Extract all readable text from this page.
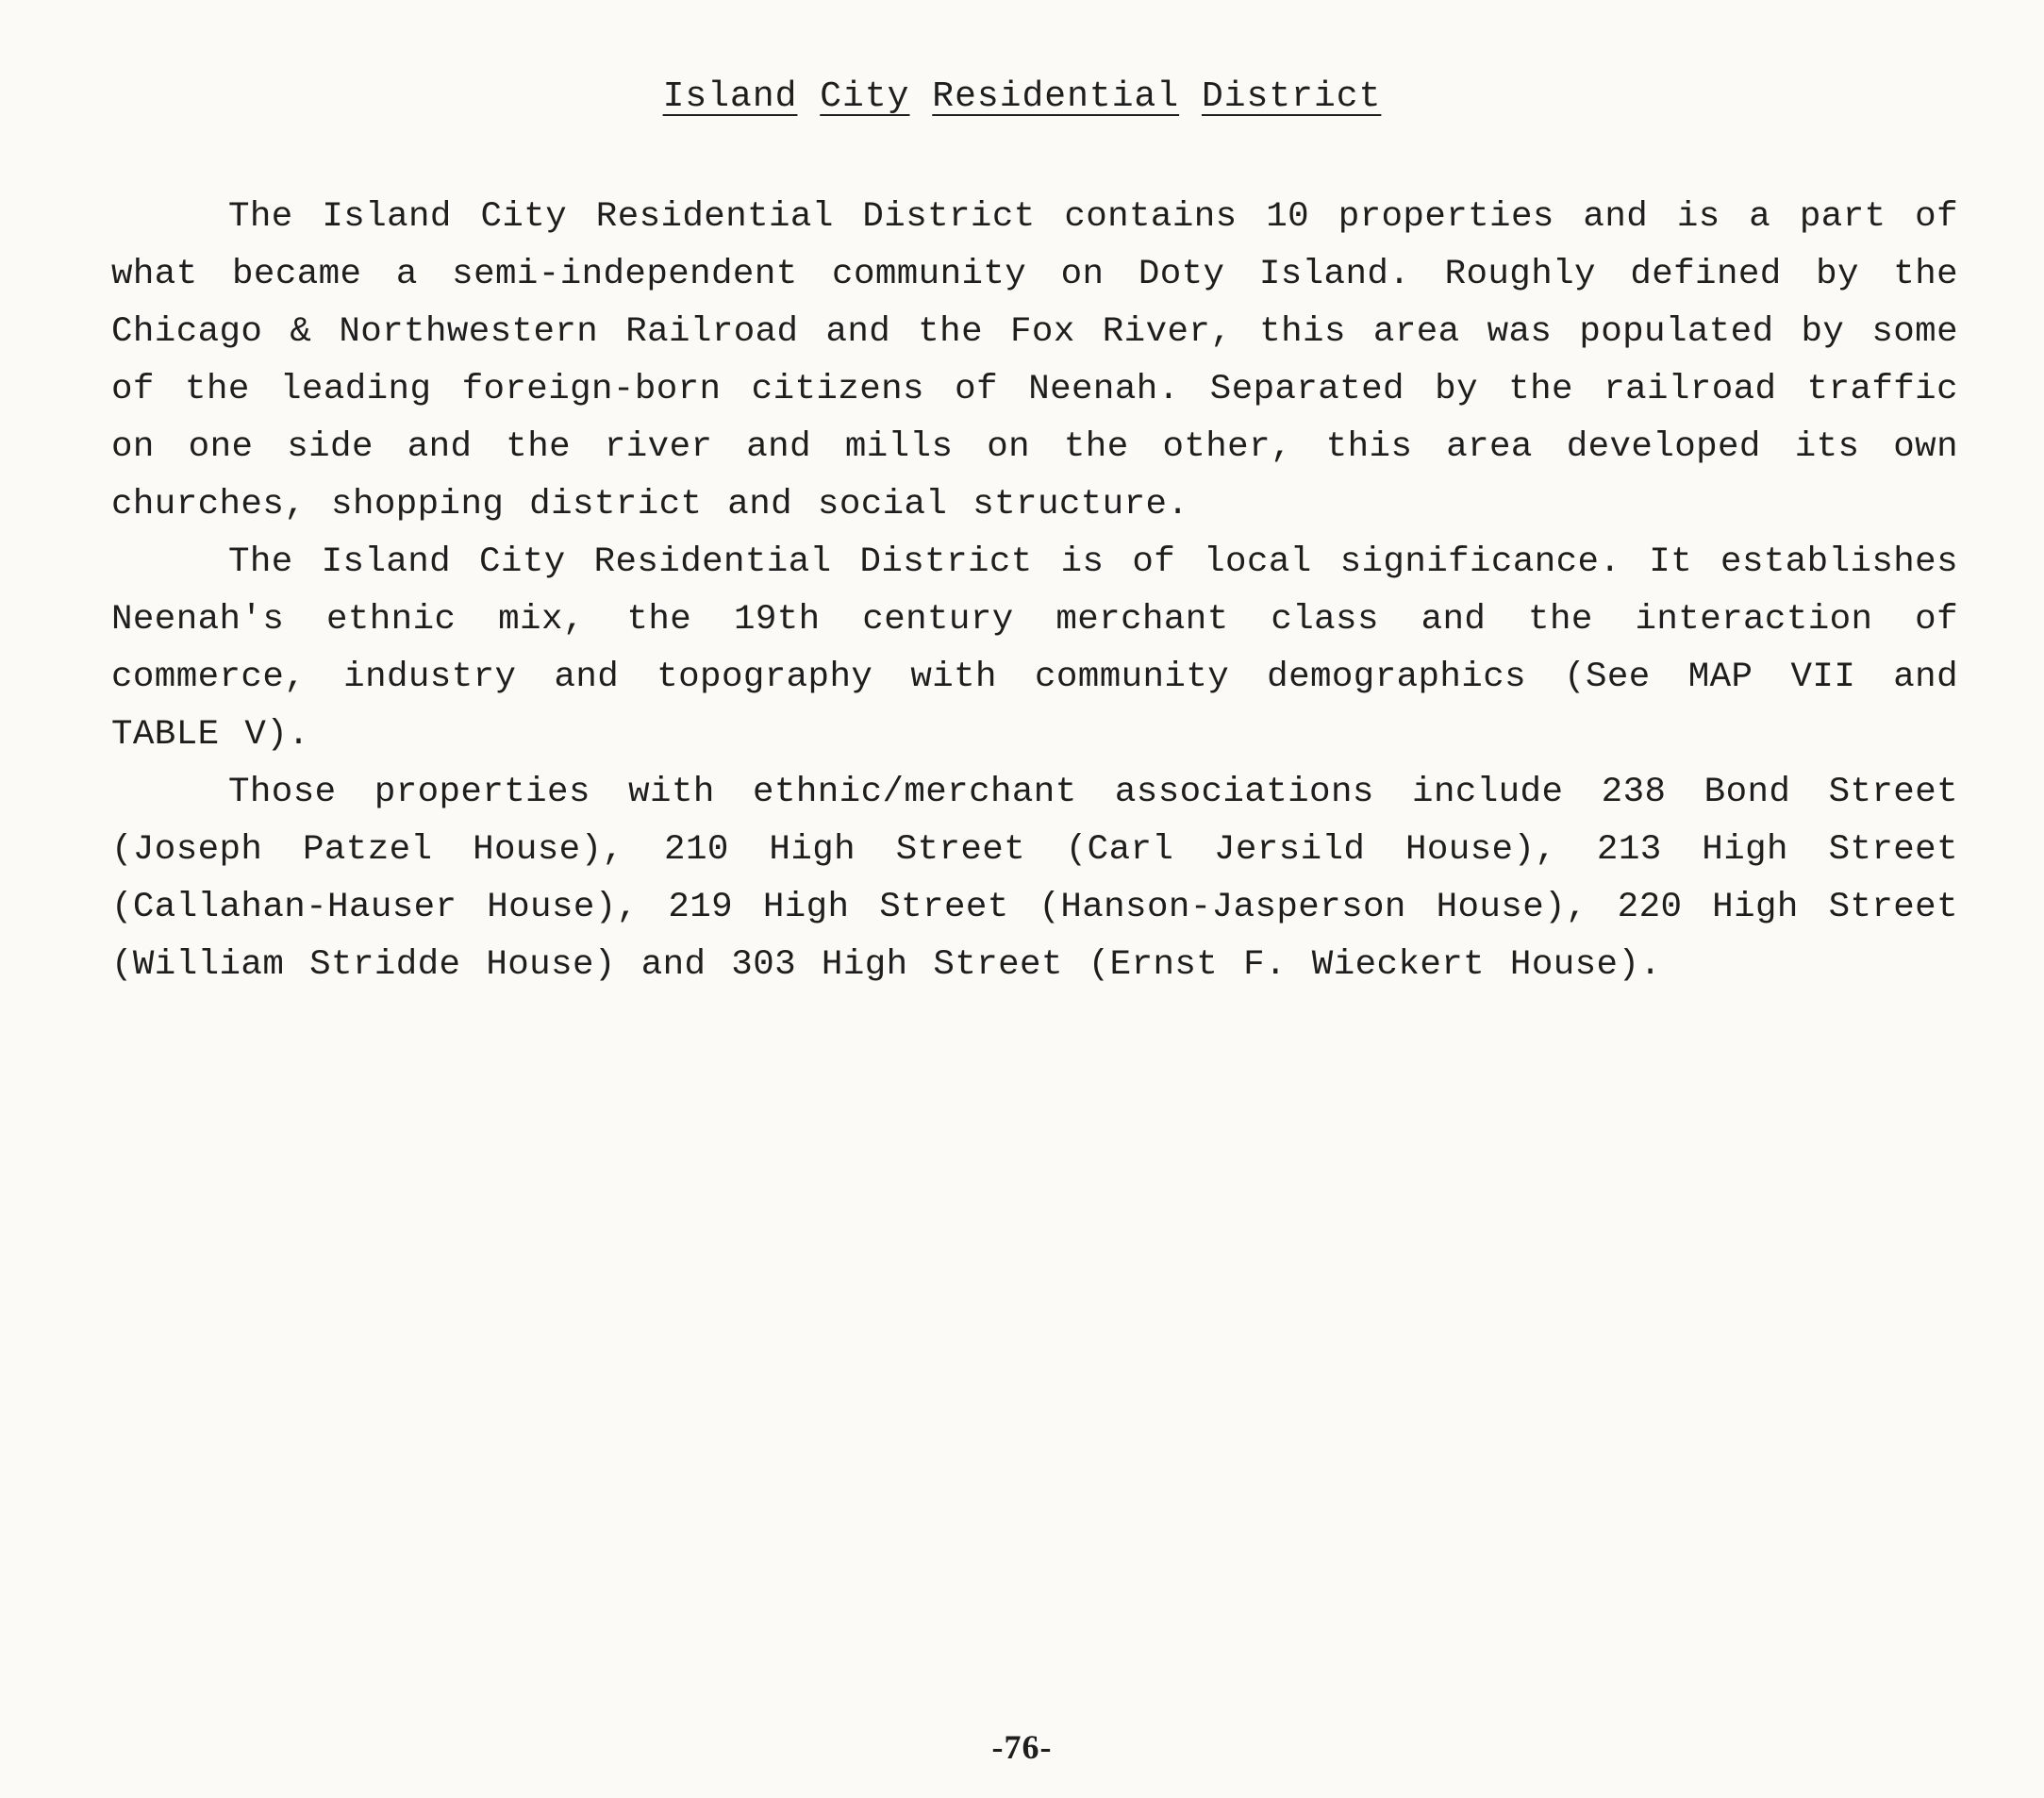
Island City Residential District

The Island City Residential District contains 10 properties and is a part of what became a semi-independent community on Doty Island. Roughly defined by the Chicago & Northwestern Railroad and the Fox River, this area was populated by some of the leading foreign-born citizens of Neenah. Separated by the railroad traffic on one side and the river and mills on the other, this area developed its own churches, shopping district and social structure.

The Island City Residential District is of local significance. It establishes Neenah's ethnic mix, the 19th century merchant class and the interaction of commerce, industry and topography with community demographics (See MAP VII and TABLE V).

Those properties with ethnic/merchant associations include 238 Bond Street (Joseph Patzel House), 210 High Street (Carl Jersild House), 213 High Street (Callahan-Hauser House), 219 High Street (Hanson-Jasperson House), 220 High Street (William Stridde House) and 303 High Street (Ernst F. Wieckert House).

-76-
